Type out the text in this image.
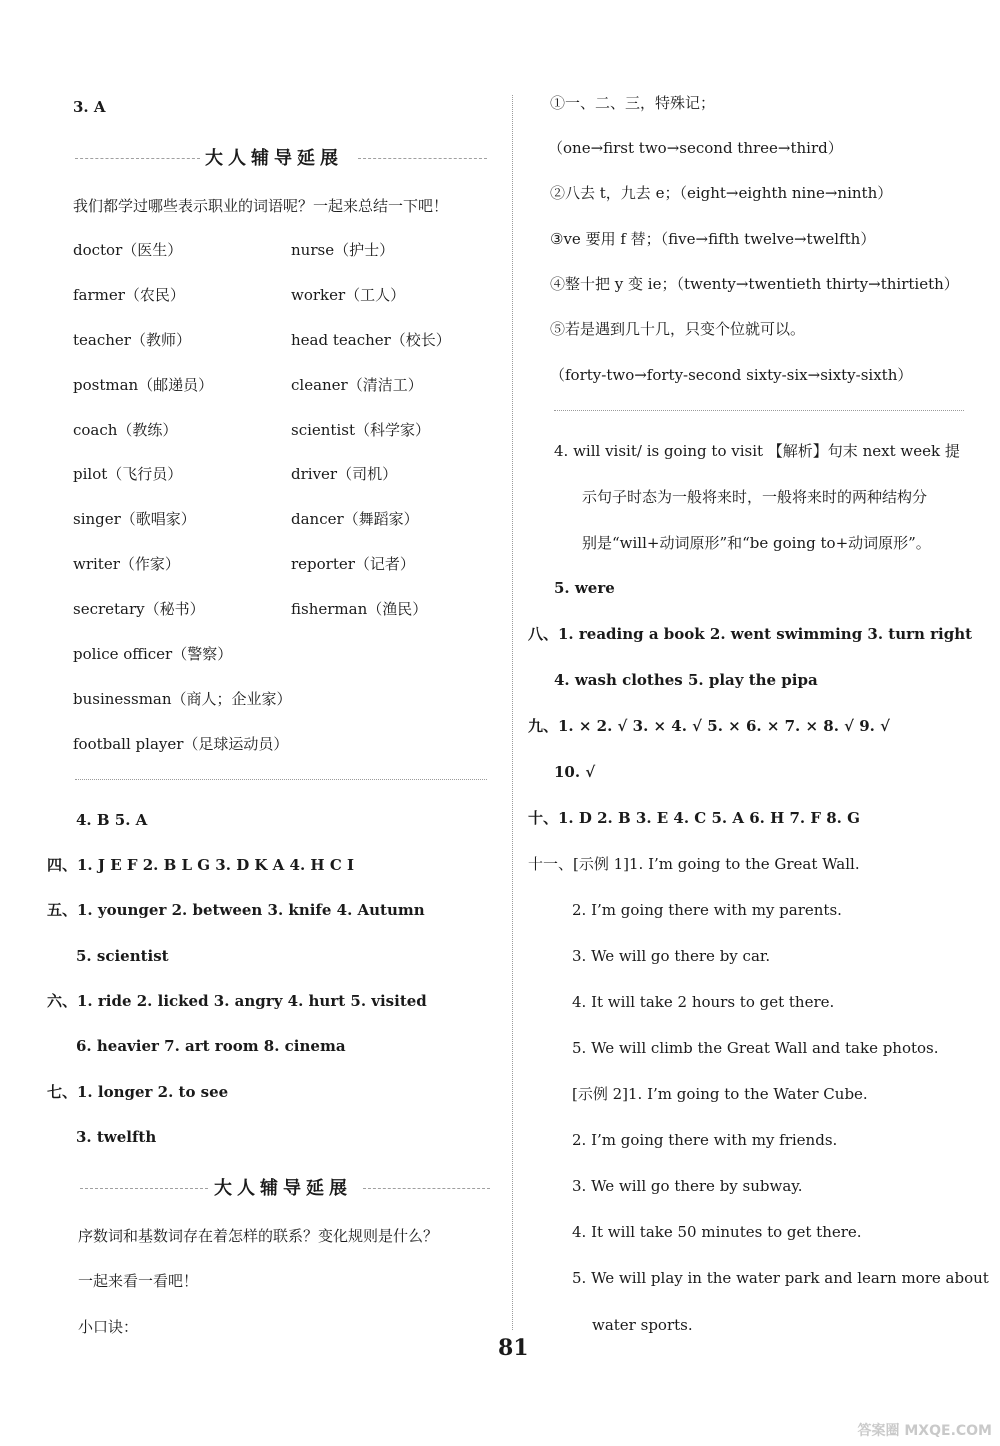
3. A
大人辅导延展
我们都学过哪些表示职业的词语呢？一起来总结一下吧！
doctor（医生）
farmer（农民）
teacher（教师）
postman（邮递员）
coach（教练）
pilot（飞行员）
singer（歌唱家）
writer（作家）
secretary（秘书）
police officer（警察）
businessman（商人；企业家）
football player（足球运动员）
nurse（护士）
worker（工人）
head teacher（校长）
cleaner（清洁工）
scientist（科学家）
driver（司机）
dancer（舞蹈家）
reporter（记者）
fisherman（渔民）
4. B 5. A
四、1. J E F 2. B L G 3. D K A 4. H C I
五、1. younger 2. between 3. knife 4. Autumn
5. scientist
六、1. ride 2. licked 3. angry 4. hurt 5. visited
6. heavier 7. art room 8. cinema
七、1. longer 2. to see
3. twelfth
大人辅导延展
序数词和基数词存在着怎样的联系？变化规则是什么？
一起来看一看吧！
小口诀：
①一、二、三，特殊记；
（one→first two→second three→third）
②八去 t，九去 e；（eight→eighth nine→ninth）
③ve 要用 f 替；（five→fifth twelve→twelfth）
④整十把 y 变 ie；（twenty→twentieth thirty→thirtieth）
⑤若是遇到几十几，只变个位就可以。
（forty-two→forty-second sixty-six→sixty-sixth）
4. will visit/ is going to visit 【解析】句末 next week 提
示句子时态为一般将来时，一般将来时的两种结构分
别是“will+动词原形”和“be going to+动词原形”。
5. were
八、1. reading a book 2. went swimming 3. turn right
4. wash clothes 5. play the pipa
九、1. × 2. √ 3. × 4. √ 5. × 6. × 7. × 8. √ 9. √
10. √
十、1. D 2. B 3. E 4. C 5. A 6. H 7. F 8. G
十一、[示例 1]1. I’m going to the Great Wall.
2. I’m going there with my parents.
3. We will go there by car.
4. It will take 2 hours to get there.
5. We will climb the Great Wall and take photos.
[示例 2]1. I’m going to the Water Cube.
2. I’m going there with my friends.
3. We will go there by subway.
4. It will take 50 minutes to get there.
5. We will play in the water park and learn more about
water sports.
81
答案圈 MXQE.COM
